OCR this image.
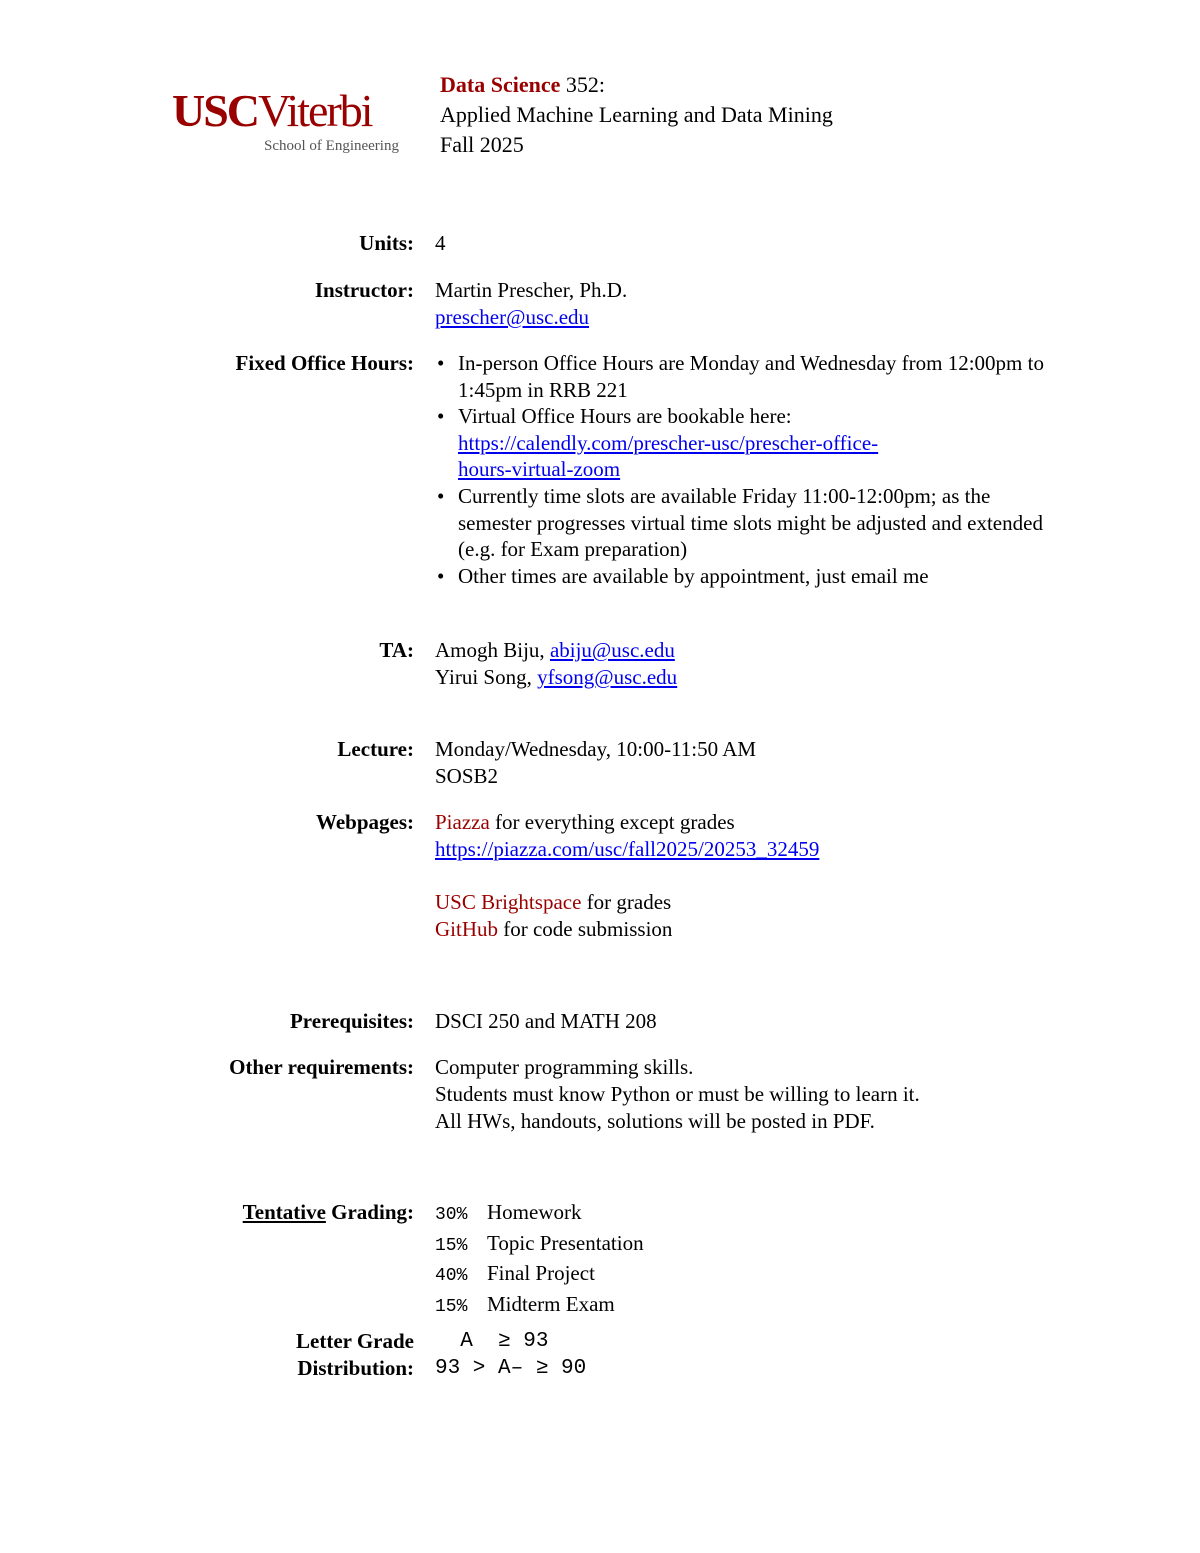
USCViterbi
School of Engineering
Data Science 352:
Applied Machine Learning and Data Mining
Fall 2025
Units: 4
Instructor: Martin Prescher, Ph.D.
prescher@usc.edu
Fixed Office Hours:
•	In-person Office Hours are Monday and Wednesday from 12:00pm to 1:45pm in RRB 221
• Virtual Office Hours are bookable here:
https://calendly.com/prescher-usc/prescher-office-
hours-virtual-zoom
• Currently time slots are available Friday 11:00-12:00pm; as the semester progresses virtual time slots might be adjusted and extended (e.g. for Exam preparation)
• Other times are available by appointment, just email me
TA: Amogh Biju, abiju@usc.edu
Yirui Song, yfsong@usc.edu
Lecture: Monday/Wednesday, 10:00-11:50 AM
SOSB2
Webpages: Piazza for everything except grades
https://piazza.com/usc/fall2025/20253_32459
USC Brightspace for grades
GitHub for code submission
Prerequisites: DSCI 250 and MATH 208
Other requirements: Computer programming skills.
Students must know Python or must be willing to learn it.
All HWs, handouts, solutions will be posted in PDF.
Tentative Grading: 30% Homework
15% Topic Presentation
40% Final Project
15% Midterm Exam
Letter Grade
Distribution:
A  ≥ 93
93 > A– ≥ 90
